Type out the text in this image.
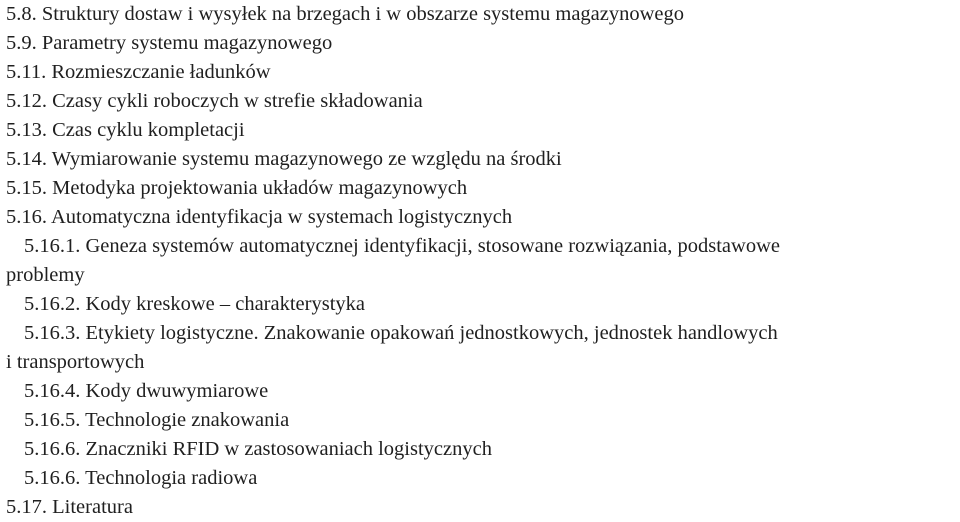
5.8. Struktury dostaw i wysyłek na brzegach i w obszarze systemu magazynowego
5.9. Parametry systemu magazynowego
5.11. Rozmieszczanie ładunków
5.12. Czasy cykli roboczych w strefie składowania
5.13. Czas cyklu kompletacji
5.14. Wymiarowanie systemu magazynowego ze względu na środki
5.15. Metodyka projektowania układów magazynowych
5.16. Automatyczna identyfikacja w systemach logistycznych
5.16.1. Geneza systemów automatycznej identyfikacji, stosowane rozwiązania, podstawowe
problemy
5.16.2. Kody kreskowe – charakterystyka
5.16.3. Etykiety logistyczne. Znakowanie opakowań jednostkowych, jednostek handlowych
i transportowych
5.16.4. Kody dwuwymiarowe
5.16.5. Technologie znakowania
5.16.6. Znaczniki RFID w zastosowaniach logistycznych
5.16.6. Technologia radiowa
5.17. Literatura
